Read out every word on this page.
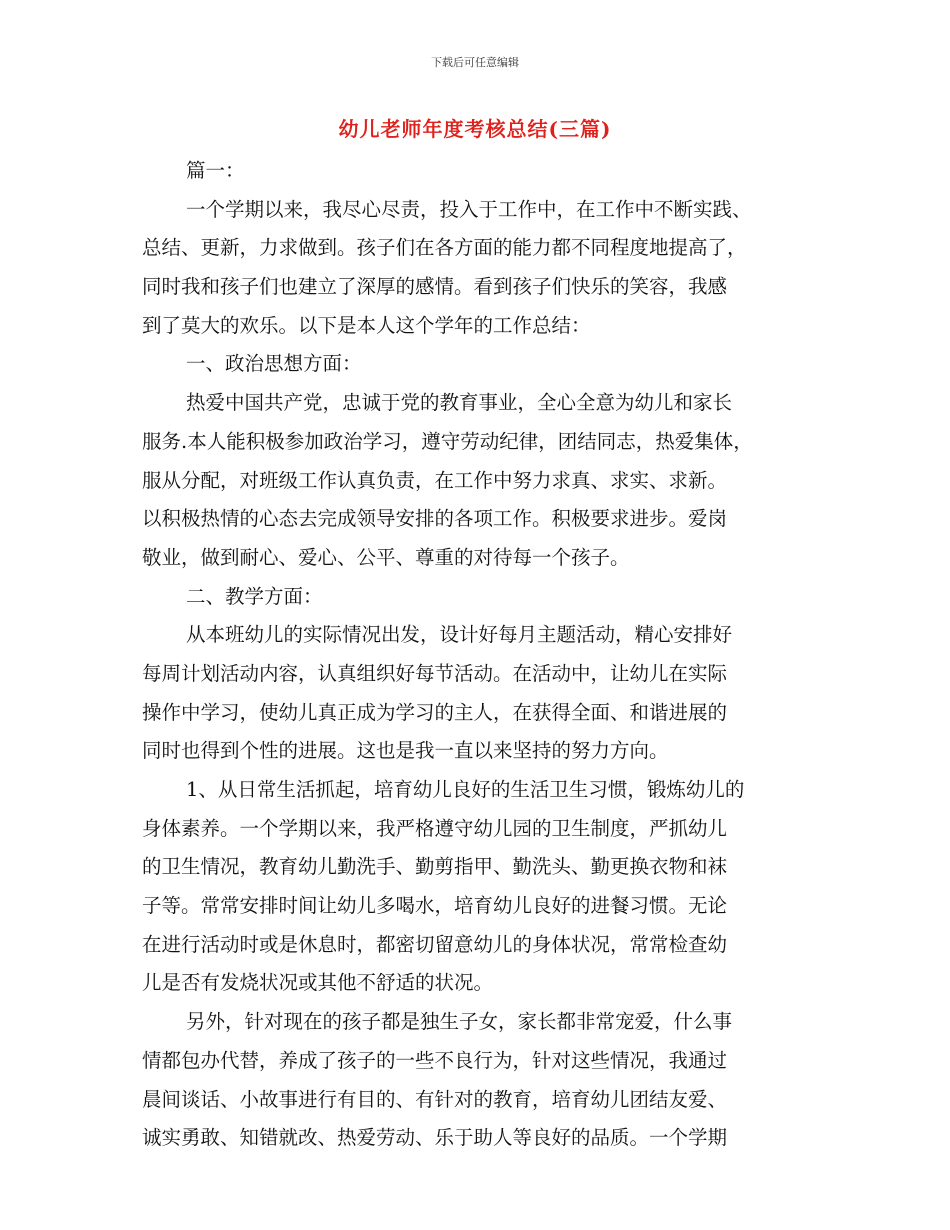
下载后可任意编辑
幼儿老师年度考核总结(三篇)
篇一：
一个学期以来，我尽心尽责，投入于工作中，在工作中不断实践、
总结、更新，力求做到。孩子们在各方面的能力都不同程度地提高了，
同时我和孩子们也建立了深厚的感情。看到孩子们快乐的笑容，我感
到了莫大的欢乐。以下是本人这个学年的工作总结：
一、政治思想方面：
热爱中国共产党，忠诚于党的教育事业，全心全意为幼儿和家长
服务.本人能积极参加政治学习，遵守劳动纪律，团结同志，热爱集体，
服从分配，对班级工作认真负责，在工作中努力求真、求实、求新。
以积极热情的心态去完成领导安排的各项工作。积极要求进步。爱岗
敬业，做到耐心、爱心、公平、尊重的对待每一个孩子。
二、教学方面：
从本班幼儿的实际情况出发，设计好每月主题活动，精心安排好
每周计划活动内容，认真组织好每节活动。在活动中，让幼儿在实际
操作中学习，使幼儿真正成为学习的主人，在获得全面、和谐进展的
同时也得到个性的进展。这也是我一直以来坚持的努力方向。
1、从日常生活抓起，培育幼儿良好的生活卫生习惯，锻炼幼儿的
身体素养。一个学期以来，我严格遵守幼儿园的卫生制度，严抓幼儿
的卫生情况，教育幼儿勤洗手、勤剪指甲、勤洗头、勤更换衣物和袜
子等。常常安排时间让幼儿多喝水，培育幼儿良好的进餐习惯。无论
在进行活动时或是休息时，都密切留意幼儿的身体状况，常常检查幼
儿是否有发烧状况或其他不舒适的状况。
另外，针对现在的孩子都是独生子女，家长都非常宠爱，什么事
情都包办代替，养成了孩子的一些不良行为，针对这些情况，我通过
晨间谈话、小故事进行有目的、有针对的教育，培育幼儿团结友爱、
诚实勇敢、知错就改、热爱劳动、乐于助人等良好的品质。一个学期
